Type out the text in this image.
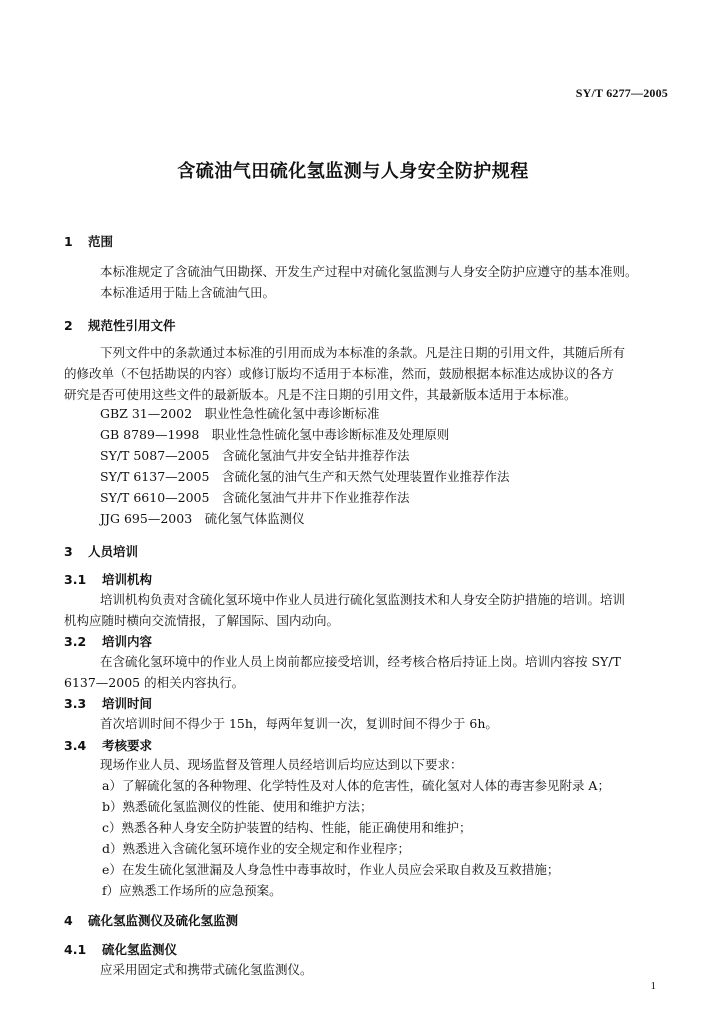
SY/T 6277—2005
含硫油气田硫化氢监测与人身安全防护规程
1 范围
本标准规定了含硫油气田勘探、开发生产过程中对硫化氢监测与人身安全防护应遵守的基本准则。
本标准适用于陆上含硫油气田。
2 规范性引用文件
下列文件中的条款通过本标准的引用而成为本标准的条款。凡是注日期的引用文件，其随后所有
的修改单（不包括勘误的内容）或修订版均不适用于本标准，然而，鼓励根据本标准达成协议的各方
研究是否可使用这些文件的最新版本。凡是不注日期的引用文件，其最新版本适用于本标准。
GBZ 31—2002　职业性急性硫化氢中毒诊断标准
GB 8789—1998　职业性急性硫化氢中毒诊断标准及处理原则
SY/T 5087—2005　含硫化氢油气井安全钻井推荐作法
SY/T 6137—2005　含硫化氢的油气生产和天然气处理装置作业推荐作法
SY/T 6610—2005　含硫化氢油气井井下作业推荐作法
JJG 695—2003　硫化氢气体监测仪
3 人员培训
3.1 培训机构
培训机构负责对含硫化氢环境中作业人员进行硫化氢监测技术和人身安全防护措施的培训。培训
机构应随时横向交流情报，了解国际、国内动向。
3.2 培训内容
在含硫化氢环境中的作业人员上岗前都应接受培训，经考核合格后持证上岗。培训内容按 SY/T
6137—2005 的相关内容执行。
3.3 培训时间
首次培训时间不得少于 15h，每两年复训一次，复训时间不得少于 6h。
3.4 考核要求
现场作业人员、现场监督及管理人员经培训后均应达到以下要求：
a）了解硫化氢的各种物理、化学特性及对人体的危害性，硫化氢对人体的毒害参见附录 A；
b）熟悉硫化氢监测仪的性能、使用和维护方法；
c）熟悉各种人身安全防护装置的结构、性能，能正确使用和维护；
d）熟悉进入含硫化氢环境作业的安全规定和作业程序；
e）在发生硫化氢泄漏及人身急性中毒事故时，作业人员应会采取自救及互救措施；
f）应熟悉工作场所的应急预案。
4 硫化氢监测仪及硫化氢监测
4.1 硫化氢监测仪
应采用固定式和携带式硫化氢监测仪。
1
